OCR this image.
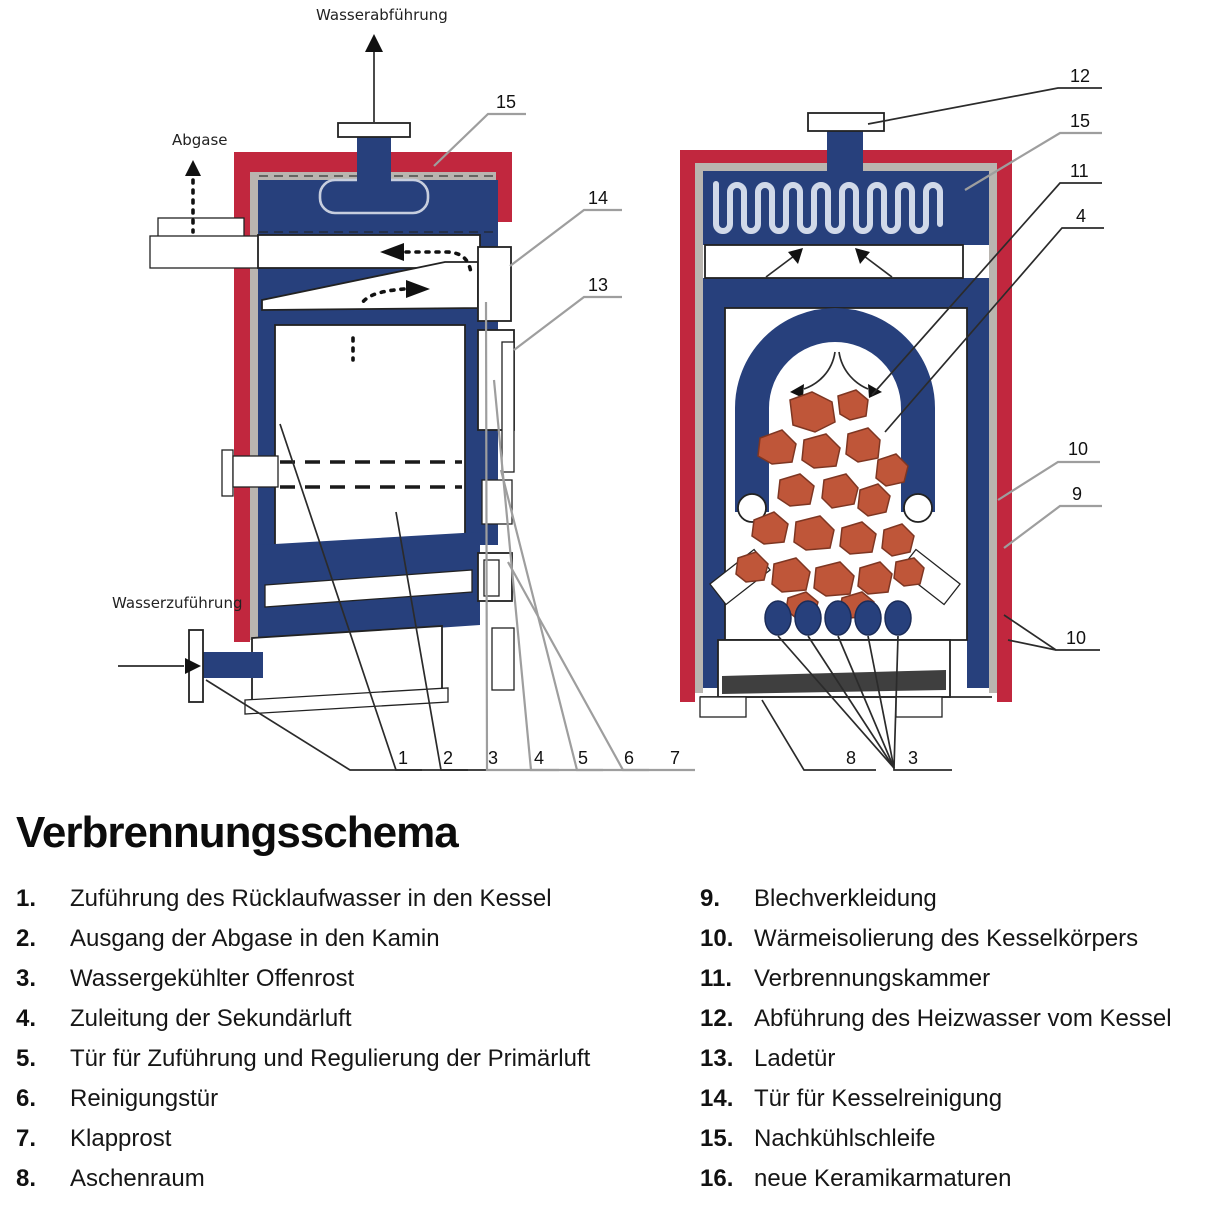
Wasserabführung
Abgase
Wasserzuführung
15
14
13
1 2 3 4 5 6 7
12
15
11
4
10
9
10
8	3
Verbrennungsschema
1.	Zuführung des Rücklaufwasser in den Kessel
2.	Ausgang der Abgase in den Kamin
3.	Wassergekühlter Offenrost
4.	Zuleitung der Sekundärluft
5.	Tür für Zuführung und Regulierung der Primärluft
6.	Reinigungstür
7.	Klapprost
8.	Aschenraum
9.	Blechverkleidung
10. Wärmeisolierung des Kesselkörpers
11. Verbrennungskammer
12. Abführung des Heizwasser vom Kessel
13. Ladetür
14. Tür für Kesselreinigung
15. Nachkühlschleife
16. neue Keramikarmaturen
